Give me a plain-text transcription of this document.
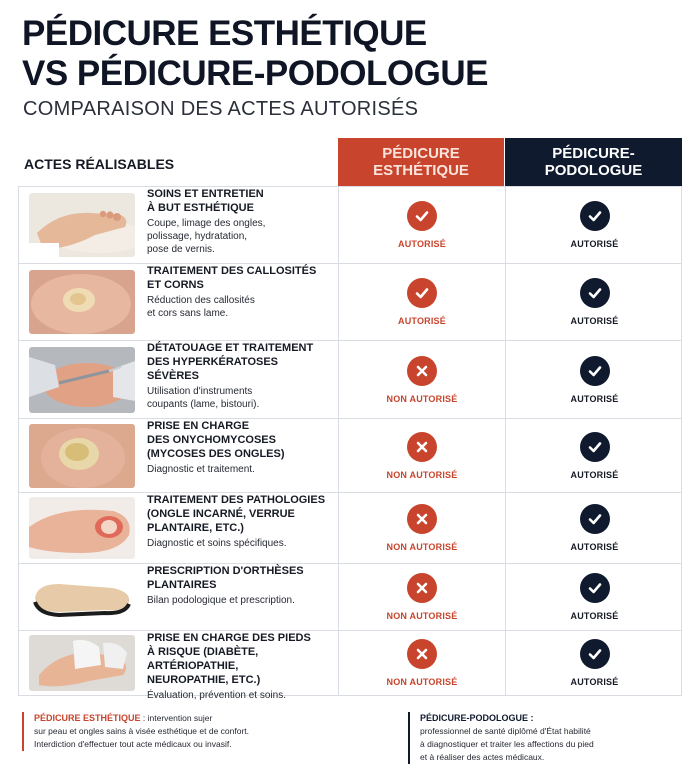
PÉDICURE ESTHÉTIQUE
VS PÉDICURE-PODOLOGUE
COMPARAISON DES ACTES AUTORISÉS
ACTES RÉALISABLES
PÉDICURE
ESTHÉTIQUE
PÉDICURE-
PODOLOGUE
SOINS ET ENTRETIEN
À BUT ESTHÉTIQUE
Coupe, limage des ongles,
polissage, hydratation,
pose de vernis.	AUTORISÉ	AUTORISÉ
TRAITEMENT DES CALLOSITÉS
ET CORNS
Réduction des callosités
et cors sans lame.
AUTORISÉ	AUTORISÉ
DÉTATOUAGE ET TRAITEMENT
DES HYPERKÉRATOSES SÉVÈRES
Utilisation d'instruments
coupants (lame, bistouri).
NON AUTORISÉ	AUTORISÉ
PRISE EN CHARGE
DES ONYCHOMYCOSES
(MYCOSES DES ONGLES)
Diagnostic et traitement.	NON AUTORISÉ	AUTORISÉ
TRAITEMENT DES PATHOLOGIES
(ONGLE INCARNÉ, VERRUE
PLANTAIRE, ETC.)
Diagnostic et soins spécifiques.	NON AUTORISÉ	AUTORISÉ
PRESCRIPTION D'ORTHÈSES
PLANTAIRES
Bilan podologique et prescription.
NON AUTORISÉ	AUTORISÉ
PRISE EN CHARGE DES PIEDS
À RISQUE (DIABÈTE, ARTÉRIOPATHIE,
NEUROPATHIE, ETC.)
Évaluation, prévention et soins.
NON AUTORISÉ	AUTORISÉ
PÉDICURE ESTHÉTIQUE : intervention sujer
sur peau et ongles sains à visée esthétique et de confort.
Interdiction d'effectuer tout acte médicaux ou invasif.
PÉDICURE-PODOLOGUE :
professionnel de santé diplômé d'État habilité
à diagnostiquer et traiter les affections du pied
et à réaliser des actes médicaux.
